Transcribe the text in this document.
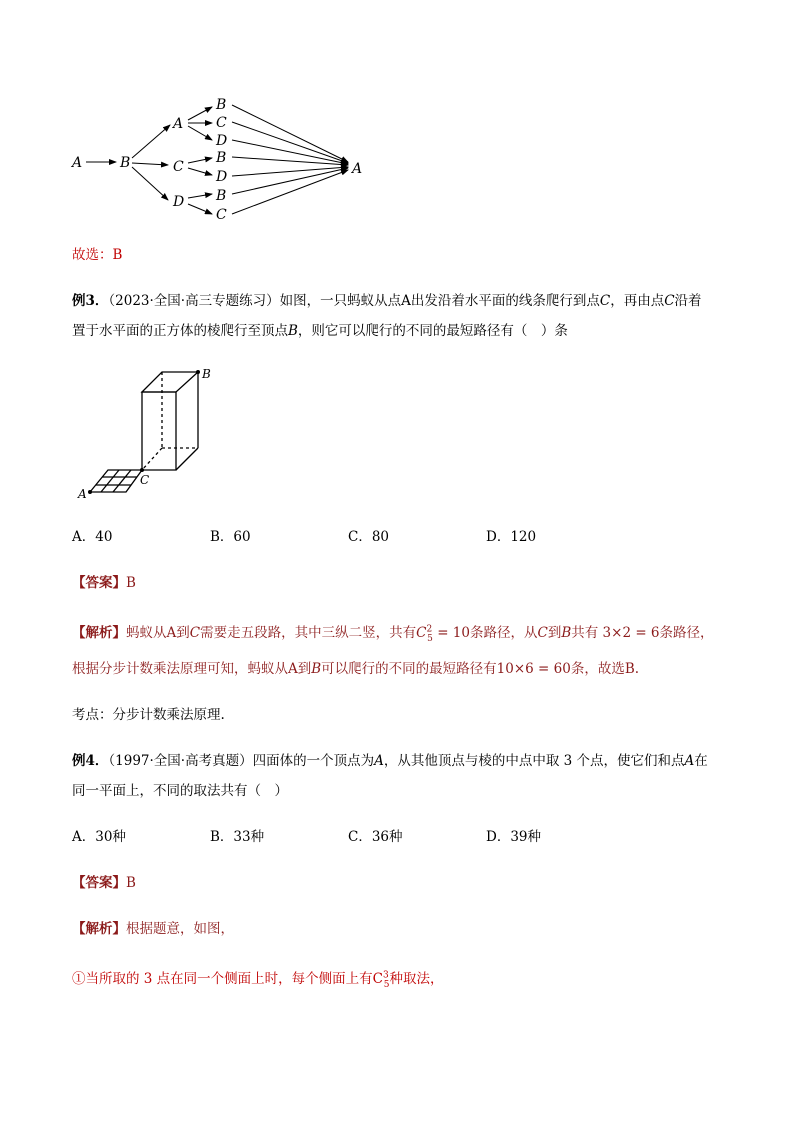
A	B
A
C
D
B
C
D
B
D
B
C
A
故选：B
例3．（2023·全国·高三专题练习）如图，一只蚂蚁从点A出发沿着水平面的线条爬行到点C，再由点C沿着
置于水平面的正方体的棱爬行至顶点B，则它可以爬行的不同的最短路径有（　）条
A
C
B
A．40	B．60	C．80	D．120
【答案】B
【解析】蚂蚁从A到C需要走五段路，其中三纵二竖，共有$C^2_5 = 10$条路径，从C到B共有 3×2 = 6条路径，
根据分步计数乘法原理可知，蚂蚁从A到B可以爬行的不同的最短路径有10×6 = 60条，故选B.
考点：分步计数乘法原理.
例4．（1997·全国·高考真题）四面体的一个顶点为A，从其他顶点与棱的中点中取 3 个点，使它们和点A在
同一平面上，不同的取法共有（　）
A．30种	B．33种	C．36种	D．39种
【答案】B
【解析】根据题意，如图，
①当所取的 3 点在同一个侧面上时，每个侧面上有$C^3_5$种取法，
